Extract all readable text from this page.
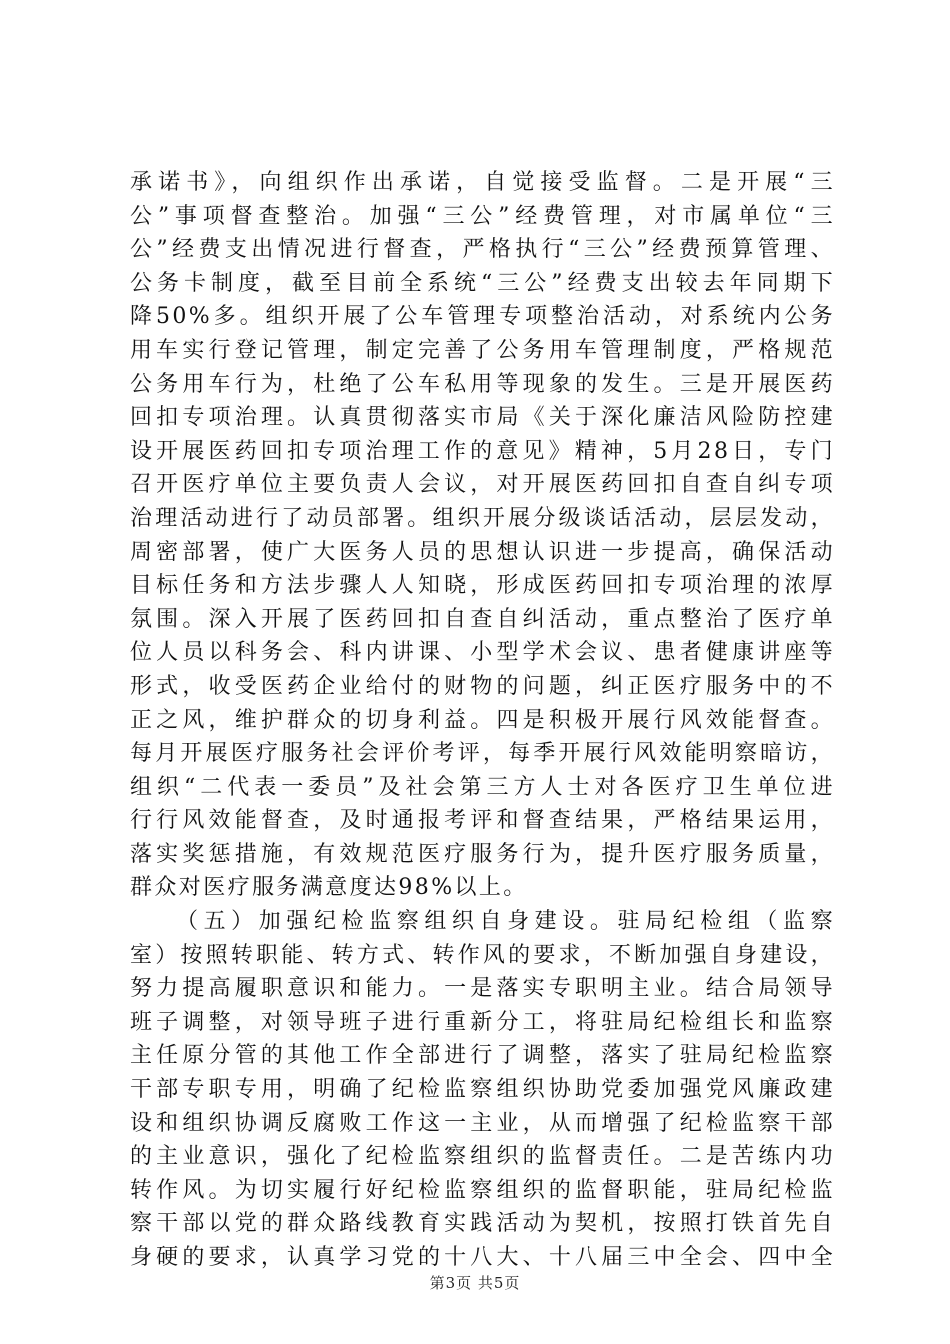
承诺书》，向组织作出承诺，自觉接受监督。二是开展“三
公”事项督查整治。加强“三公”经费管理，对市属单位“三
公”经费支出情况进行督查，严格执行“三公”经费预算管理、
公务卡制度，截至目前全系统“三公”经费支出较去年同期下
降50%多。组织开展了公车管理专项整治活动，对系统内公务
用车实行登记管理，制定完善了公务用车管理制度，严格规范
公务用车行为，杜绝了公车私用等现象的发生。三是开展医药
回扣专项治理。认真贯彻落实市局《关于深化廉洁风险防控建
设开展医药回扣专项治理工作的意见》精神，5月28日，专门
召开医疗单位主要负责人会议，对开展医药回扣自查自纠专项
治理活动进行了动员部署。组织开展分级谈话活动，层层发动，
周密部署，使广大医务人员的思想认识进一步提高，确保活动
目标任务和方法步骤人人知晓，形成医药回扣专项治理的浓厚
氛围。深入开展了医药回扣自查自纠活动，重点整治了医疗单
位人员以科务会、科内讲课、小型学术会议、患者健康讲座等
形式，收受医药企业给付的财物的问题，纠正医疗服务中的不
正之风，维护群众的切身利益。四是积极开展行风效能督查。
每月开展医疗服务社会评价考评，每季开展行风效能明察暗访，
组织“二代表一委员”及社会第三方人士对各医疗卫生单位进
行行风效能督查，及时通报考评和督查结果，严格结果运用，
落实奖惩措施，有效规范医疗服务行为，提升医疗服务质量，
群众对医疗服务满意度达98%以上。
（五）加强纪检监察组织自身建设。驻局纪检组（监察
室）按照转职能、转方式、转作风的要求，不断加强自身建设，
努力提高履职意识和能力。一是落实专职明主业。结合局领导
班子调整，对领导班子进行重新分工，将驻局纪检组长和监察
主任原分管的其他工作全部进行了调整，落实了驻局纪检监察
干部专职专用，明确了纪检监察组织协助党委加强党风廉政建
设和组织协调反腐败工作这一主业，从而增强了纪检监察干部
的主业意识，强化了纪检监察组织的监督责任。二是苦练内功
转作风。为切实履行好纪检监察组织的监督职能，驻局纪检监
察干部以党的群众路线教育实践活动为契机，按照打铁首先自
身硬的要求，认真学习党的十八大、十八届三中全会、四中全
第3页 共5页
